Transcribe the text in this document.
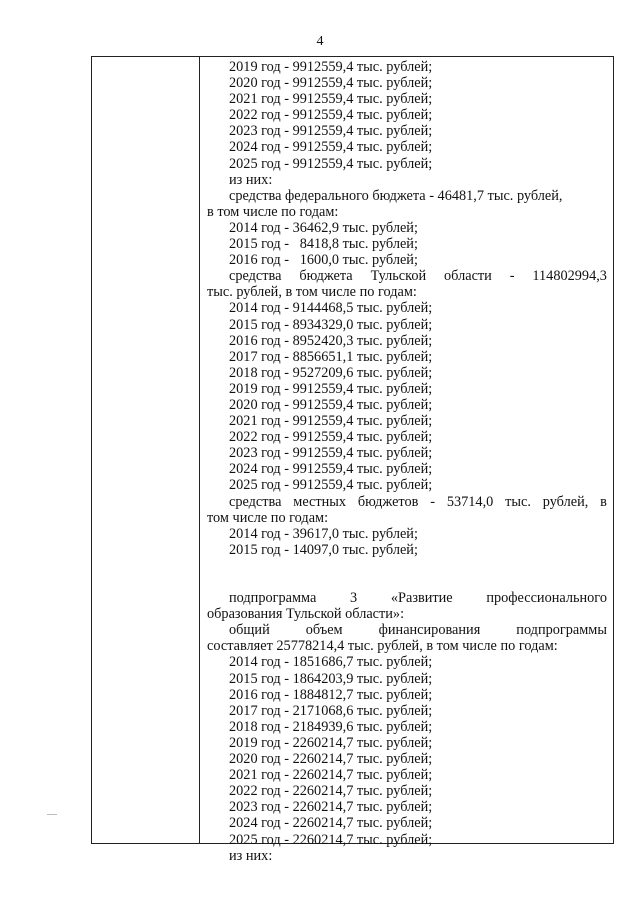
4
2019 год - 9912559,4 тыс. рублей;
2020 год - 9912559,4 тыс. рублей;
2021 год - 9912559,4 тыс. рублей;
2022 год - 9912559,4 тыс. рублей;
2023 год - 9912559,4 тыс. рублей;
2024 год - 9912559,4 тыс. рублей;
2025 год - 9912559,4 тыс. рублей;
из них:
средства федерального бюджета - 46481,7 тыс. рублей,
в том числе по годам:
2014 год - 36462,9 тыс. рублей;
2015 год -   8418,8 тыс. рублей;
2016 год -   1600,0 тыс. рублей;
средства бюджета Тульской области - 114802994,3
тыс. рублей, в том числе по годам:
2014 год - 9144468,5 тыс. рублей;
2015 год - 8934329,0 тыс. рублей;
2016 год - 8952420,3 тыс. рублей;
2017 год - 8856651,1 тыс. рублей;
2018 год - 9527209,6 тыс. рублей;
2019 год - 9912559,4 тыс. рублей;
2020 год - 9912559,4 тыс. рублей;
2021 год - 9912559,4 тыс. рублей;
2022 год - 9912559,4 тыс. рублей;
2023 год - 9912559,4 тыс. рублей;
2024 год - 9912559,4 тыс. рублей;
2025 год - 9912559,4 тыс. рублей;
средства местных бюджетов - 53714,0 тыс. рублей, в
том числе по годам:
2014 год - 39617,0 тыс. рублей;
2015 год - 14097,0 тыс. рублей;
подпрограмма 3 «Развитие профессионального
образования Тульской области»:
общий	объем	финансирования	подпрограммы
составляет 25778214,4 тыс. рублей, в том числе по годам:
2014 год - 1851686,7 тыс. рублей;
2015 год - 1864203,9 тыс. рублей;
2016 год - 1884812,7 тыс. рублей;
2017 год - 2171068,6 тыс. рублей;
2018 год - 2184939,6 тыс. рублей;
2019 год - 2260214,7 тыс. рублей;
2020 год - 2260214,7 тыс. рублей;
2021 год - 2260214,7 тыс. рублей;
2022 год - 2260214,7 тыс. рублей;
2023 год - 2260214,7 тыс. рублей;
2024 год - 2260214,7 тыс. рублей;
2025 год - 2260214,7 тыс. рублей;
из них:
